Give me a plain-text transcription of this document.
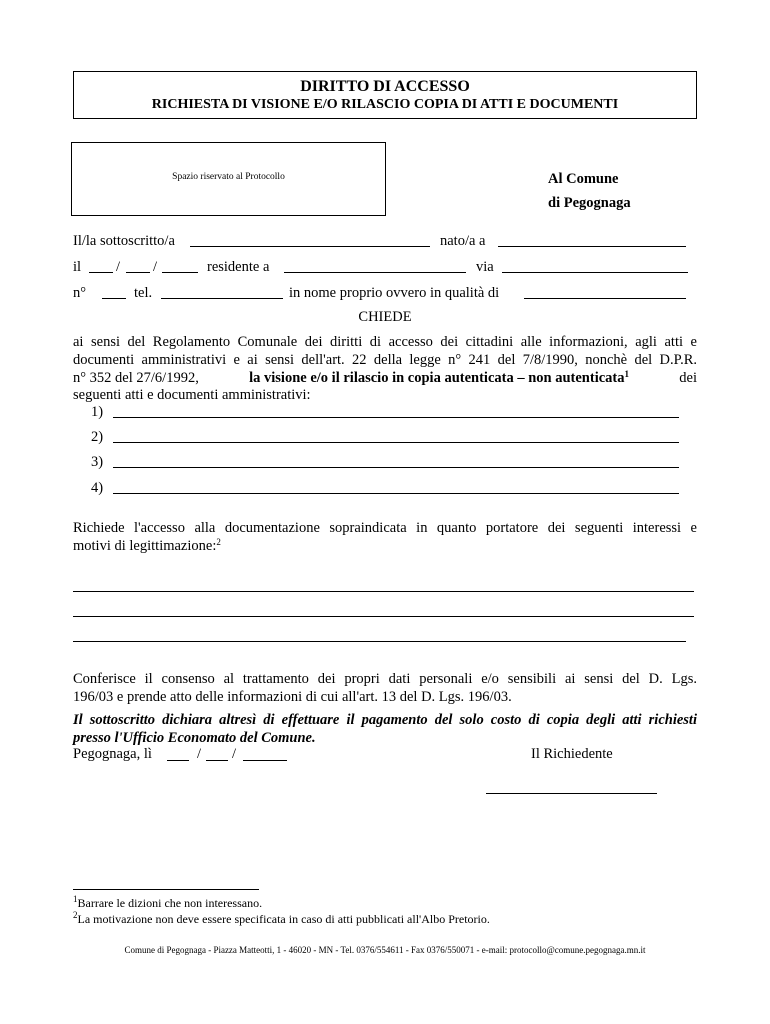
DIRITTO DI ACCESSO
RICHIESTA DI VISIONE E/O RILASCIO COPIA DI ATTI E DOCUMENTI
Spazio riservato al Protocollo	Al Comune
di Pegognaga
Il/la sottoscritto/a	nato/a a
il / /	residente a	via
n°	tel.	in nome proprio ovvero in qualità di
CHIEDE
ai sensi del Regolamento Comunale dei diritti di accesso dei cittadini alle informazioni, agli atti e
documenti amministrativi e ai sensi dell'art. 22 della legge n° 241 del 7/8/1990, nonchè del D.P.R.
n° 352 del 27/6/1992,	la visione e/o il rilascio in copia autenticata – non autenticata$^1$	dei
seguenti atti e documenti amministrativi:
1)
2)
3)
4)
Richiede l'accesso alla documentazione sopraindicata in quanto portatore dei seguenti interessi e
motivi di legittimazione:$^2$
Conferisce il consenso al trattamento dei propri dati personali e/o sensibili ai sensi del D. Lgs.
196/03 e prende atto delle informazioni di cui all'art. 13 del D. Lgs. 196/03.
Il sottoscritto dichiara altresì di effettuare il pagamento del solo costo di copia degli atti richiesti
presso l'Ufficio Economato del Comune.
Pegognaga, lì	/ /	Il Richiedente
$^1$Barrare le dizioni che non interessano.
$^2$La motivazione non deve essere specificata in caso di atti pubblicati all'Albo Pretorio.
Comune di Pegognaga - Piazza Matteotti, 1 - 46020 - MN - Tel. 0376/554611 - Fax 0376/550071 - e-mail: protocollo@comune.pegognaga.mn.it
